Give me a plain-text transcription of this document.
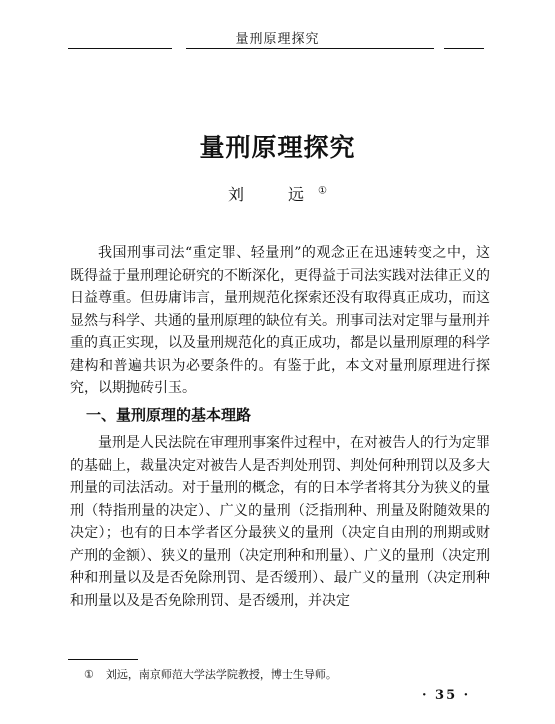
量刑原理探究
量刑原理探究
刘　远①
我国刑事司法“重定罪、轻量刑”的观念正在迅速转变之中，这既得益于量刑理论研究的不断深化，更得益于司法实践对法律正义的日益尊重。但毋庸讳言，量刑规范化探索还没有取得真正成功，而这显然与科学、共通的量刑原理的缺位有关。刑事司法对定罪与量刑并重的真正实现，以及量刑规范化的真正成功，都是以量刑原理的科学建构和普遍共识为必要条件的。有鉴于此，本文对量刑原理进行探究，以期抛砖引玉。
一、量刑原理的基本理路
量刑是人民法院在审理刑事案件过程中，在对被告人的行为定罪的基础上，裁量决定对被告人是否判处刑罚、判处何种刑罚以及多大刑量的司法活动。对于量刑的概念，有的日本学者将其分为狭义的量刑（特指刑量的决定）、广义的量刑（泛指刑种、刑量及附随效果的决定）；也有的日本学者区分最狭义的量刑（决定自由刑的刑期或财产刑的金额）、狭义的量刑（决定刑种和刑量）、广义的量刑（决定刑种和刑量以及是否免除刑罚、是否缓刑）、最广义的量刑（决定刑种和刑量以及是否免除刑罚、是否缓刑，并决定
① 刘远，南京师范大学法学院教授，博士生导师。
· 35 ·
